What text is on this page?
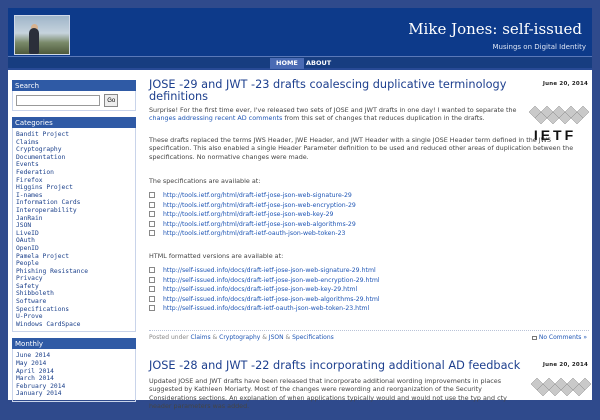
Mike Jones: self-issued
Musings on Digital Identity
HOME	ABOUT
Search
Go
Categories
Bandit Project
Claims
Cryptography
Documentation
Events
Federation
Firefox
Higgins Project
I-names
Information Cards
Interoperability
JanRain
JSON
LiveID
OAuth
OpenID
Pamela Project
People
Phishing Resistance
Privacy
Safety
Shibboleth
Software
Specifications
U-Prove
Windows CardSpace
Monthly
June 2014
May 2014
April 2014
March 2014
February 2014
January 2014
JOSE -29 and JWT -23 drafts coalescing duplicative terminology definitions
June 20, 2014
IETF
Surprise! For the first time ever, I've released two sets of JOSE and JWT drafts in one day! I wanted to separate the changes addressing recent AD comments from this set of changes that reduces duplication in the drafts.
These drafts replaced the terms JWS Header, JWE Header, and JWT Header with a single JOSE Header term defined in the JWS specification. This also enabled a single Header Parameter definition to be used and reduced other areas of duplication between the specifications. No normative changes were made.
The specifications are available at:
http://tools.ietf.org/html/draft-ietf-jose-json-web-signature-29
http://tools.ietf.org/html/draft-ietf-jose-json-web-encryption-29
http://tools.ietf.org/html/draft-ietf-jose-json-web-key-29
http://tools.ietf.org/html/draft-ietf-jose-json-web-algorithms-29
http://tools.ietf.org/html/draft-ietf-oauth-json-web-token-23
HTML formatted versions are available at:
http://self-issued.info/docs/draft-ietf-jose-json-web-signature-29.html
http://self-issued.info/docs/draft-ietf-jose-json-web-encryption-29.html
http://self-issued.info/docs/draft-ietf-jose-json-web-key-29.html
http://self-issued.info/docs/draft-ietf-jose-json-web-algorithms-29.html
http://self-issued.info/docs/draft-ietf-oauth-json-web-token-23.html
Posted under Claims & Cryptography & JSON & Specifications	No Comments »
JOSE -28 and JWT -22 drafts incorporating additional AD feedback	June 20, 2014
Updated JOSE and JWT drafts have been released that incorporate additional wording improvements in places suggested by Kathleen Moriarty. Most of the changes were rewording and reorganization of the Security Considerations sections. An explanation of when applications typically would and would not use the typ and cty header parameters was added.
